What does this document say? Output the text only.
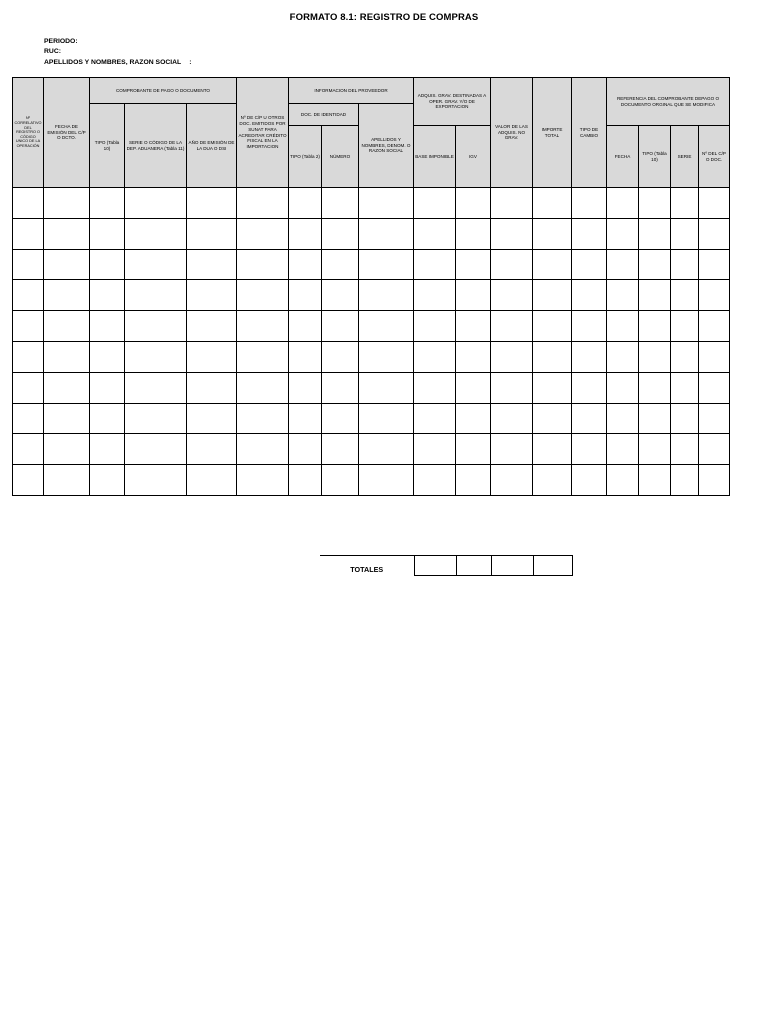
FORMATO 8.1: REGISTRO DE COMPRAS
PERIODO:
RUC:
APELLIDOS Y NOMBRES, RAZON SOCIAL :
Nº CORRELATIVO DEL REGISTRO O CÓDIGO UNICO DE LA OPERACIÓN	FECHA DE EMISIÓN DEL C/P O DCTO.	COMPROBANTE DE PAGO O DOCUMENTO			Nº DE C/P U OTROS DOC. EMITIDOS POR SUNAT PARA ACREDITAR CRÉDITO FISCAL EN LA IMPORTACION	INFORMACION DEL PROVEEDOR			ADQUIS. GRAV. DESTINADAS A OPER. GRAV. Y/O DE EXPORTACION		VALOR DE LAS ADQUIS. NO GRAV.	IMPORTE TOTAL	TIPO DE CAMBIO	REFERENCIA DEL COMPROBANTE DEPAGO O DOCUMENTO ORGINAL QUE SE MODIFICA			
		TIPO (Tabla 10)	SERIE O CÓDIGO DE LA DEP. ADUANERA (Tabla 11)	AÑO DE EMISIÓN DE LA DUA O DSI		DOC. DE IDENTIDAD		APELLIDOS Y NOMBRES, DENOM. O RAZON SOCIAL									
						TIPO (Tabla 2)	NÚMERO		BASE IMPONIBLE	IGV				FECHA	TIPO (Tabla 10)	SERIE	Nº DEL C/P O DOC.

TOTALES				
